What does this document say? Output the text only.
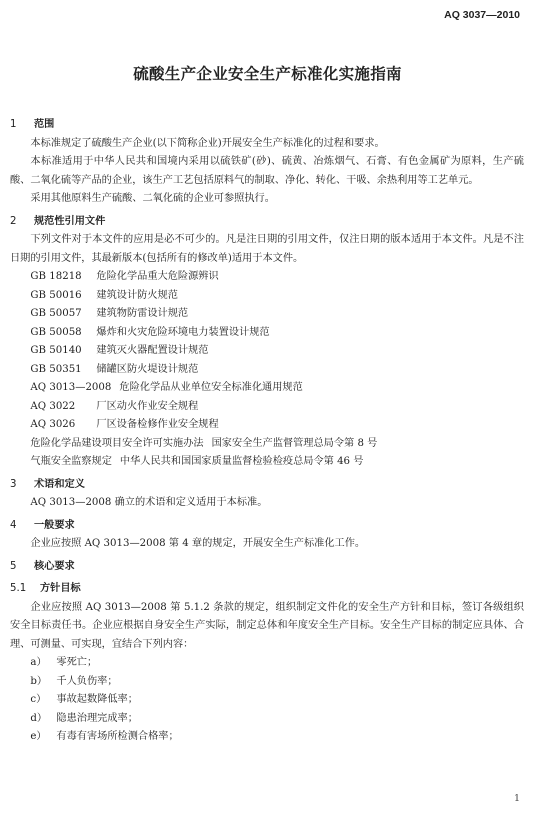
AQ 3037—2010
硫酸生产企业安全生产标准化实施指南
1 范围

本标准规定了硫酸生产企业(以下简称企业)开展安全生产标准化的过程和要求。

本标准适用于中华人民共和国境内采用以硫铁矿(砂)、硫黄、冶炼烟气、石膏、有色金属矿为原料，生产硫酸、二氧化硫等产品的企业，该生产工艺包括原料气的制取、净化、转化、干吸、余热利用等工艺单元。

采用其他原料生产硫酸、二氧化硫的企业可参照执行。

2 规范性引用文件

下列文件对于本文件的应用是必不可少的。凡是注日期的引用文件，仅注日期的版本适用于本文件。凡是不注日期的引用文件，其最新版本(包括所有的修改单)适用于本文件。

GB 18218 危险化学品重大危险源辨识
GB 50016 建筑设计防火规范
GB 50057 建筑物防雷设计规范
GB 50058 爆炸和火灾危险环境电力装置设计规范
GB 50140 建筑灭火器配置设计规范
GB 50351 储罐区防火堤设计规范
AQ 3013—2008 危险化学品从业单位安全标准化通用规范
AQ 3022 厂区动火作业安全规程
AQ 3026 厂区设备检修作业安全规程
危险化学品建设项目安全许可实施办法 国家安全生产监督管理总局令第 8 号
气瓶安全监察规定 中华人民共和国国家质量监督检验检疫总局令第 46 号
3 术语和定义

AQ 3013—2008 确立的术语和定义适用于本标准。

4 一般要求

企业应按照 AQ 3013—2008 第 4 章的规定，开展安全生产标准化工作。

5 核心要求
5.1 方针目标

企业应按照 AQ 3013—2008 第 5.1.2 条款的规定，组织制定文件化的安全生产方针和目标，签订各级组织安全目标责任书。企业应根据自身安全生产实际，制定总体和年度安全生产目标。安全生产目标的制定应具体、合理、可测量、可实现，宜结合下列内容：

a） 零死亡；
b） 千人负伤率；
c） 事故起数降低率；
d） 隐患治理完成率；
e） 有毒有害场所检测合格率；
1
